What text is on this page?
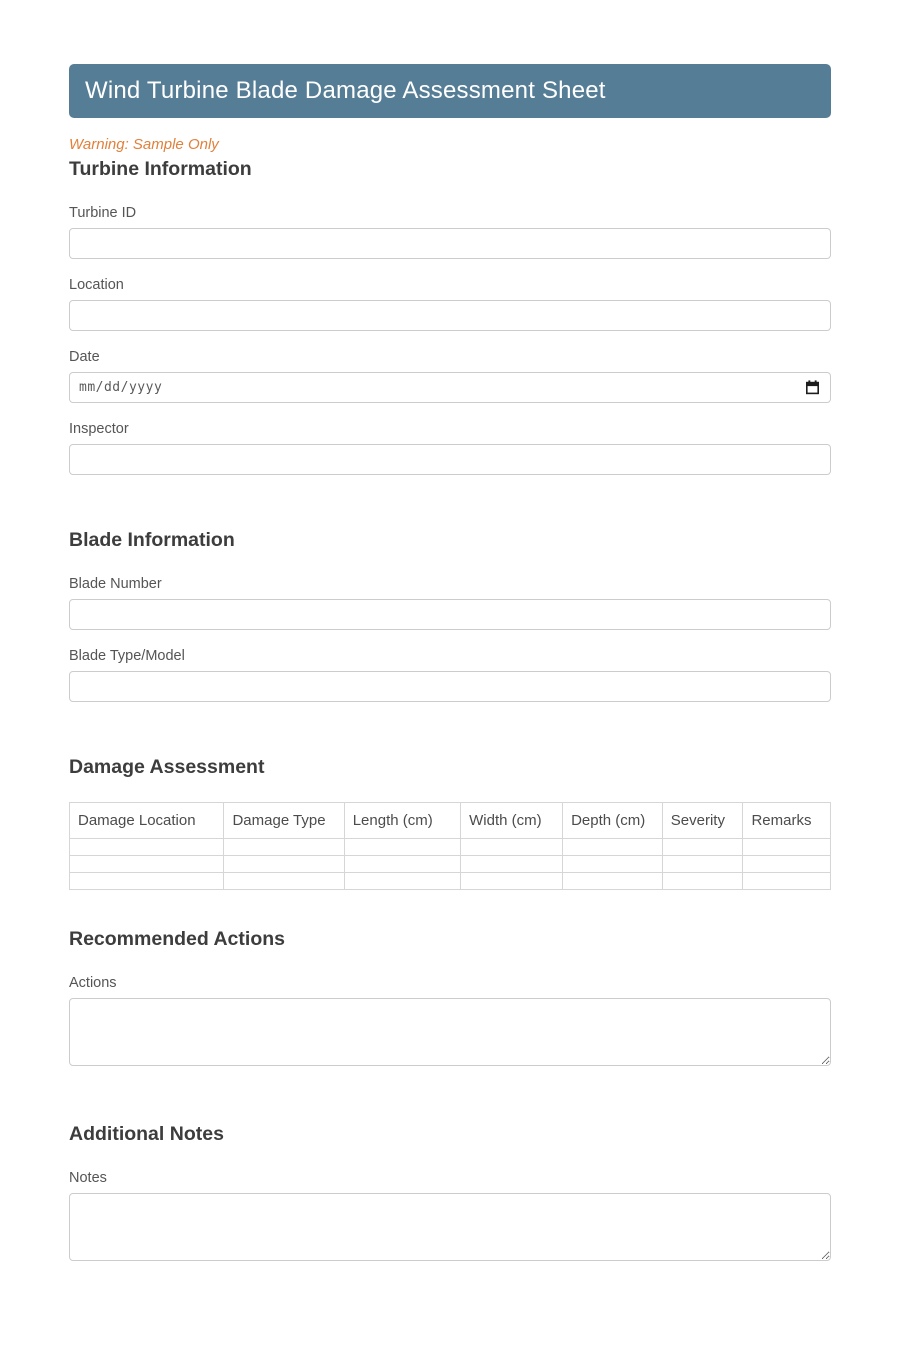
Wind Turbine Blade Damage Assessment Sheet

Warning: Sample Only

Turbine Information
Turbine ID
Location
Date
mm/dd/yyyy
Inspector
Blade Information
Blade Number
Blade Type/Model
Damage Assessment
Damage Location	Damage Type	Length (cm)	Width (cm)	Depth (cm)	Severity	Remarks

Recommended Actions
Actions
Additional Notes
Notes
